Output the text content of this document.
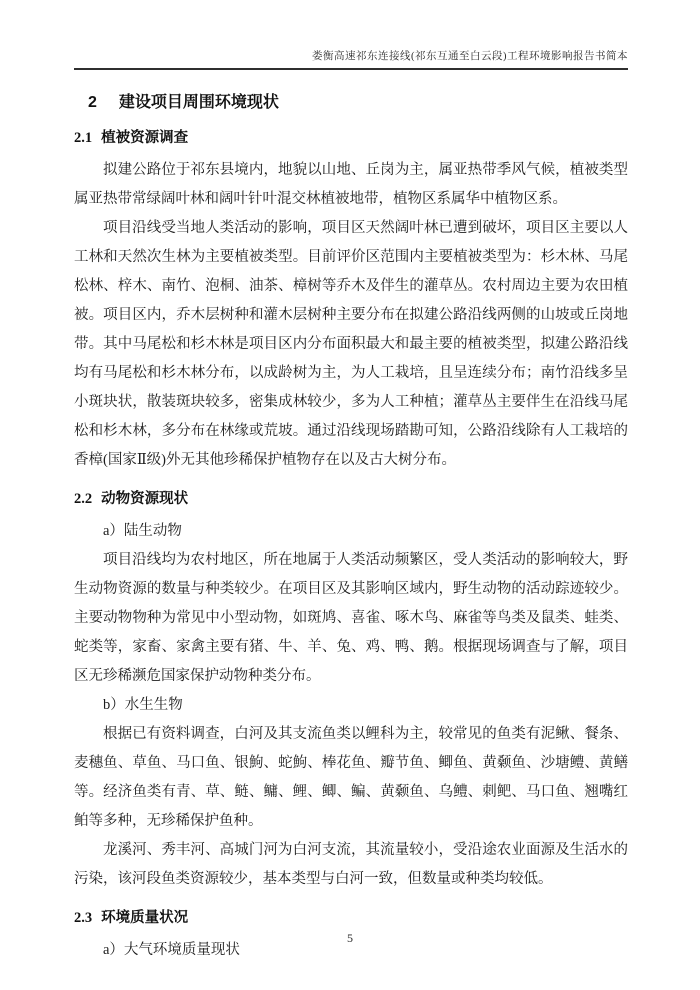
娄衡高速祁东连接线(祁东互通至白云段)工程环境影响报告书简本
2 建设项目周围环境现状
2.1 植被资源调查

拟建公路位于祁东县境内，地貌以山地、丘岗为主，属亚热带季风气候，植被类型属亚热带常绿阔叶林和阔叶针叶混交林植被地带，植物区系属华中植物区系。

项目沿线受当地人类活动的影响，项目区天然阔叶林已遭到破坏，项目区主要以人工林和天然次生林为主要植被类型。目前评价区范围内主要植被类型为：杉木林、马尾松林、梓木、南竹、泡桐、油茶、樟树等乔木及伴生的灌草丛。农村周边主要为农田植被。项目区内，乔木层树种和灌木层树种主要分布在拟建公路沿线两侧的山坡或丘岗地带。其中马尾松和杉木林是项目区内分布面积最大和最主要的植被类型，拟建公路沿线均有马尾松和杉木林分布，以成龄树为主，为人工栽培，且呈连续分布；南竹沿线多呈小斑块状，散装斑块较多，密集成林较少，多为人工种植；灌草丛主要伴生在沿线马尾松和杉木林，多分布在林缘或荒坡。通过沿线现场踏勘可知，公路沿线除有人工栽培的香樟(国家Ⅱ级)外无其他珍稀保护植物存在以及古大树分布。

2.2 动物资源现状

a）陆生动物

项目沿线均为农村地区，所在地属于人类活动频繁区，受人类活动的影响较大，野生动物资源的数量与种类较少。在项目区及其影响区域内，野生动物的活动踪迹较少。主要动物物种为常见中小型动物，如斑鸠、喜雀、啄木鸟、麻雀等鸟类及鼠类、蛙类、蛇类等，家畜、家禽主要有猪、牛、羊、兔、鸡、鸭、鹅。根据现场调查与了解，项目区无珍稀濒危国家保护动物种类分布。

b）水生生物

根据已有资料调查，白河及其支流鱼类以鲤科为主，较常见的鱼类有泥鳅、餐条、麦穗鱼、草鱼、马口鱼、银鮈、蛇鮈、棒花鱼、瓣节鱼、鲫鱼、黄颡鱼、沙塘鳢、黄鳝等。经济鱼类有青、草、鲢、鳙、鲤、鲫、鳊、黄颡鱼、乌鳢、刺鲃、马口鱼、翘嘴红鲌等多种，无珍稀保护鱼种。

龙溪河、秀丰河、高城门河为白河支流，其流量较小，受沿途农业面源及生活水的污染，该河段鱼类资源较少，基本类型与白河一致，但数量或种类均较低。

2.3 环境质量状况

a）大气环境质量现状

5
